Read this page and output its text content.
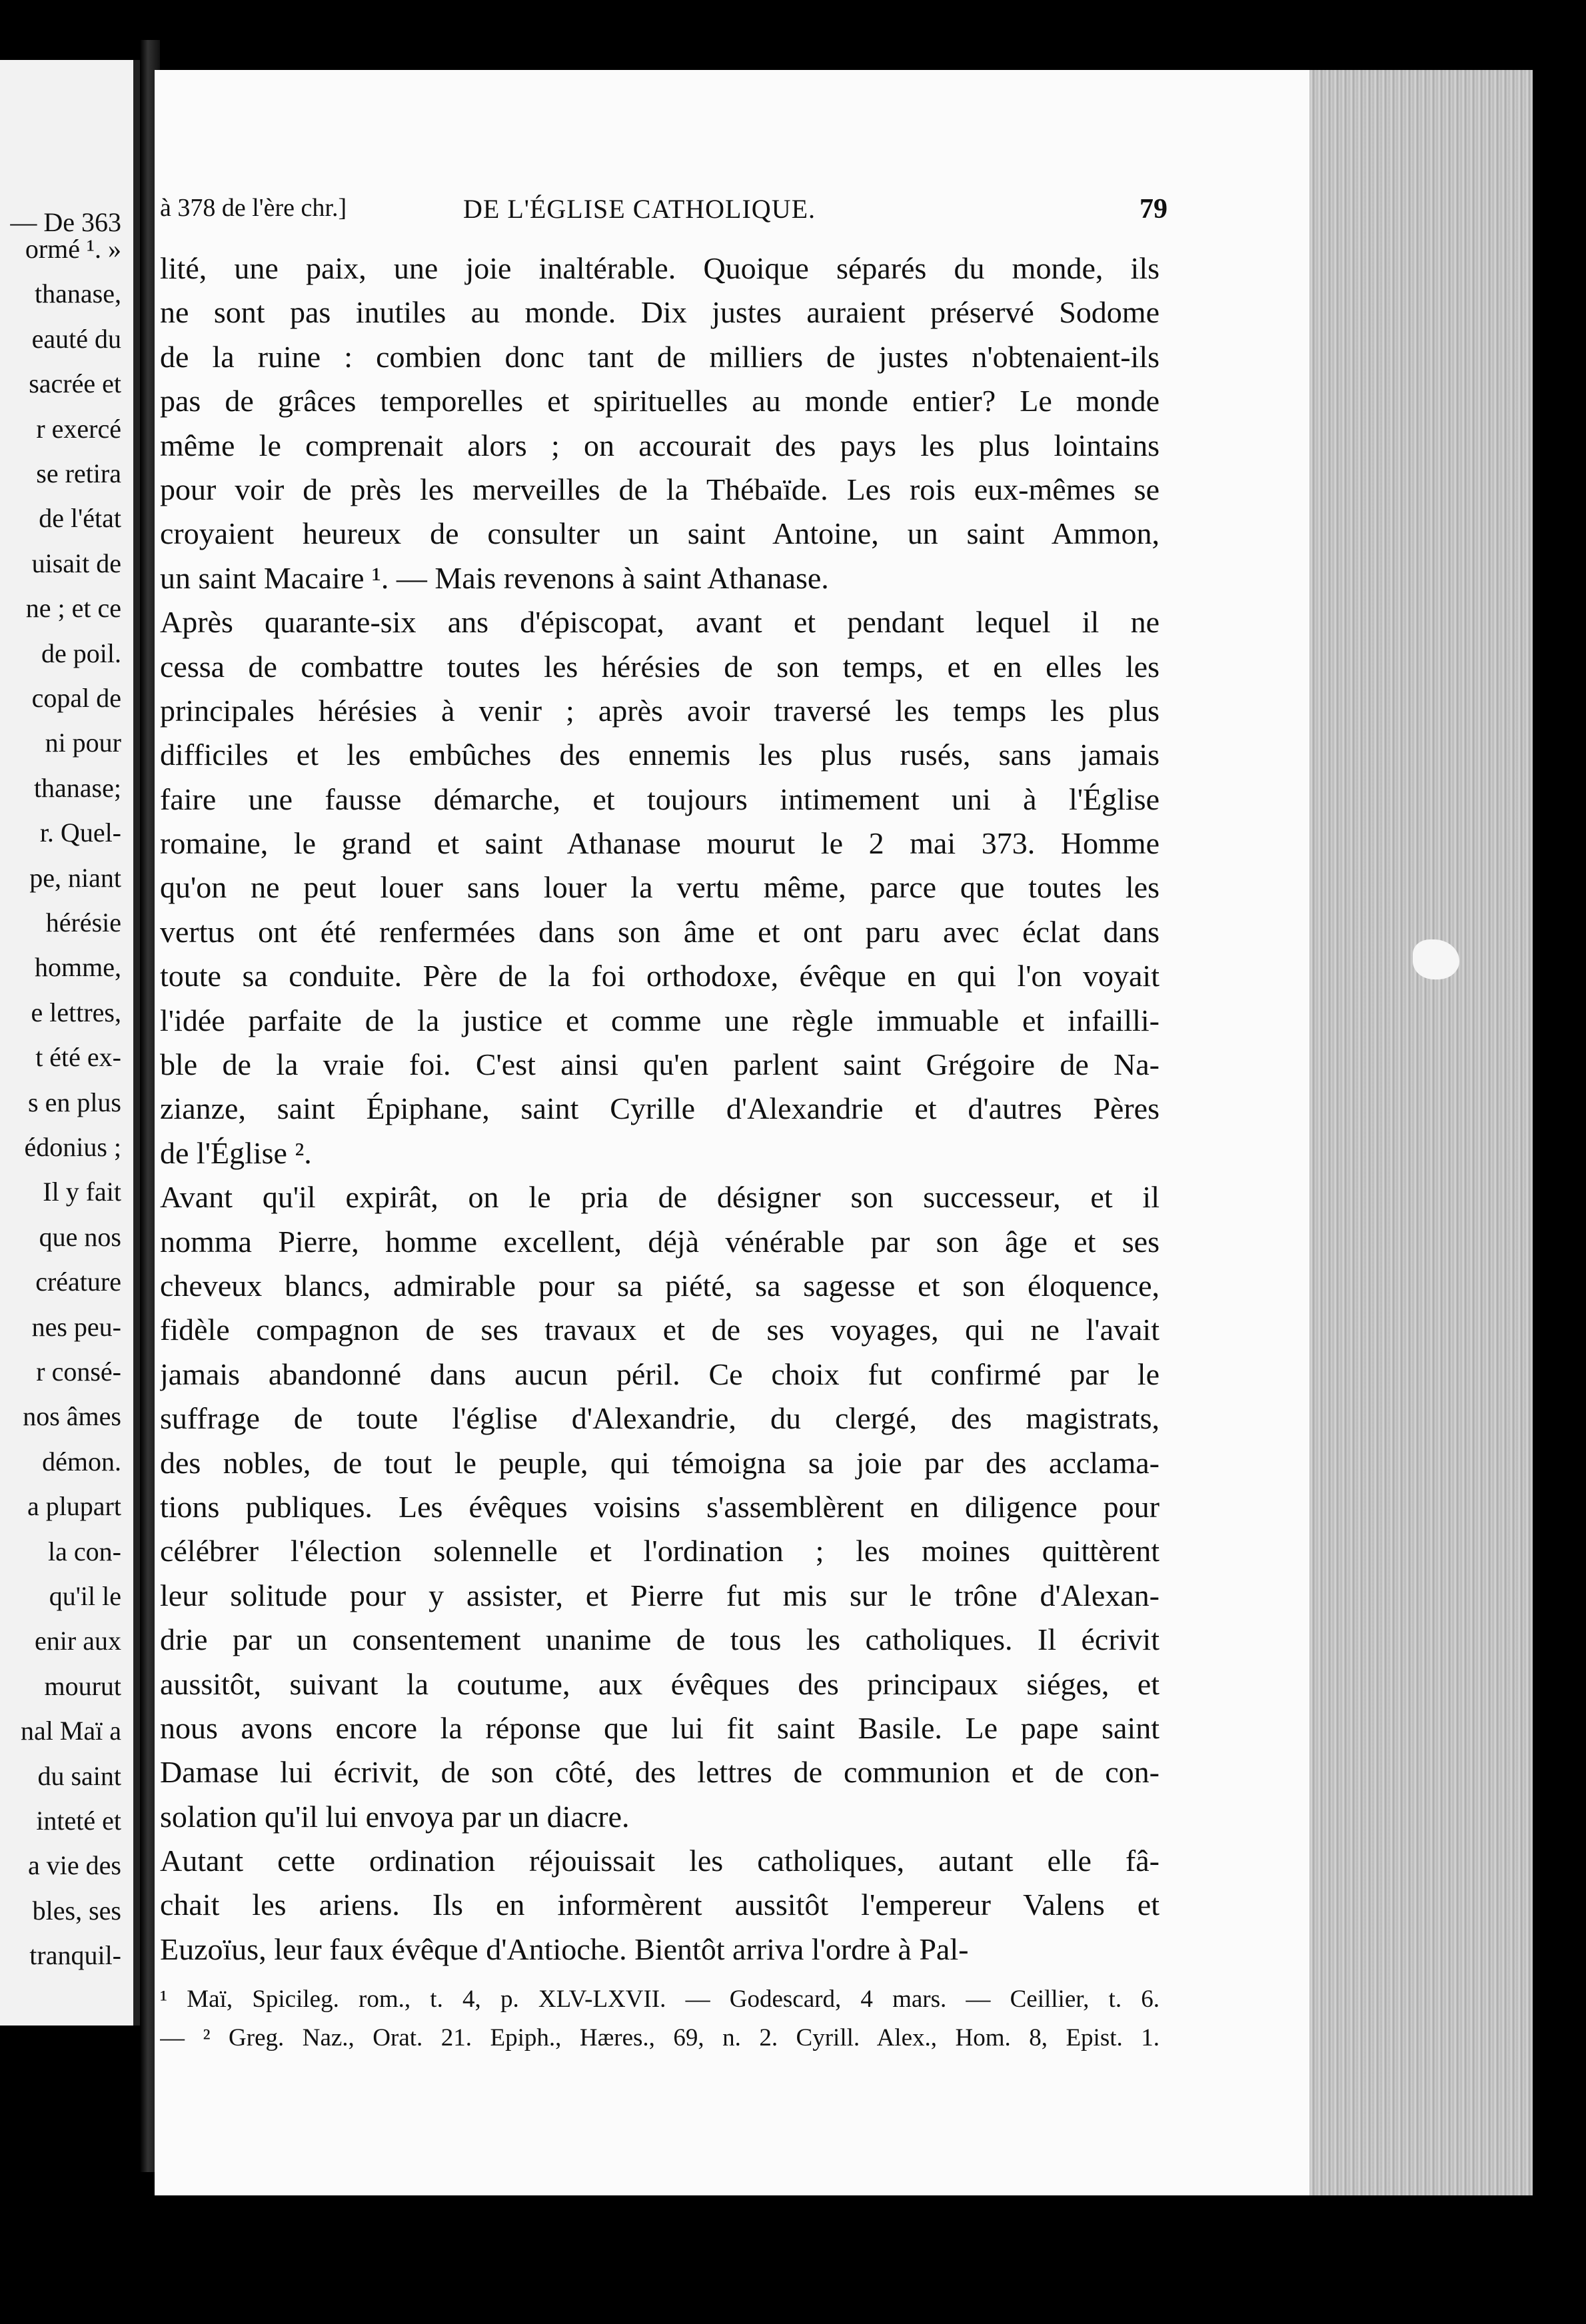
— De 363
ormé ¹. »
thanase,
eauté du
sacrée et
r exercé
se retira
de l'état
uisait de
ne ; et ce
de poil.
copal de
ni pour
thanase;
r. Quel-
pe, niant
hérésie
homme,
e lettres,
t été ex-
s en plus
édonius ;
Il y fait
que nos
créature
nes peu-
r consé-
nos âmes
démon.
a plupart
la con-
qu'il le
enir aux
mourut
nal Maï a
du saint
inteté et
a vie des
bles, ses
tranquil-
à 378 de l'ère chr.]	DE L'ÉGLISE CATHOLIQUE.	79
lité, une paix, une joie inaltérable. Quoique séparés du monde, ils
ne sont pas inutiles au monde. Dix justes auraient préservé Sodome
de la ruine : combien donc tant de milliers de justes n'obtenaient-ils
pas de grâces temporelles et spirituelles au monde entier? Le monde
même le comprenait alors ; on accourait des pays les plus lointains
pour voir de près les merveilles de la Thébaïde. Les rois eux-mêmes se
croyaient heureux de consulter un saint Antoine, un saint Ammon,
un saint Macaire ¹. — Mais revenons à saint Athanase.
Après quarante-six ans d'épiscopat, avant et pendant lequel il ne
cessa de combattre toutes les hérésies de son temps, et en elles les
principales hérésies à venir ; après avoir traversé les temps les plus
difficiles et les embûches des ennemis les plus rusés, sans jamais
faire une fausse démarche, et toujours intimement uni à l'Église
romaine, le grand et saint Athanase mourut le 2 mai 373. Homme
qu'on ne peut louer sans louer la vertu même, parce que toutes les
vertus ont été renfermées dans son âme et ont paru avec éclat dans
toute sa conduite. Père de la foi orthodoxe, évêque en qui l'on voyait
l'idée parfaite de la justice et comme une règle immuable et infailli-
ble de la vraie foi. C'est ainsi qu'en parlent saint Grégoire de Na-
zianze, saint Épiphane, saint Cyrille d'Alexandrie et d'autres Pères
de l'Église ².
Avant qu'il expirât, on le pria de désigner son successeur, et il
nomma Pierre, homme excellent, déjà vénérable par son âge et ses
cheveux blancs, admirable pour sa piété, sa sagesse et son éloquence,
fidèle compagnon de ses travaux et de ses voyages, qui ne l'avait
jamais abandonné dans aucun péril. Ce choix fut confirmé par le
suffrage de toute l'église d'Alexandrie, du clergé, des magistrats,
des nobles, de tout le peuple, qui témoigna sa joie par des acclama-
tions publiques. Les évêques voisins s'assemblèrent en diligence pour
célébrer l'élection solennelle et l'ordination ; les moines quittèrent
leur solitude pour y assister, et Pierre fut mis sur le trône d'Alexan-
drie par un consentement unanime de tous les catholiques. Il écrivit
aussitôt, suivant la coutume, aux évêques des principaux siéges, et
nous avons encore la réponse que lui fit saint Basile. Le pape saint
Damase lui écrivit, de son côté, des lettres de communion et de con-
solation qu'il lui envoya par un diacre.
Autant cette ordination réjouissait les catholiques, autant elle fâ-
chait les ariens. Ils en informèrent aussitôt l'empereur Valens et
Euzoïus, leur faux évêque d'Antioche. Bientôt arriva l'ordre à Pal-
¹ Maï, Spicileg. rom., t. 4, p. XLV-LXVII. — Godescard, 4 mars. — Ceillier, t. 6.
— ² Greg. Naz., Orat. 21. Epiph., Hæres., 69, n. 2. Cyrill. Alex., Hom. 8, Epist. 1.
